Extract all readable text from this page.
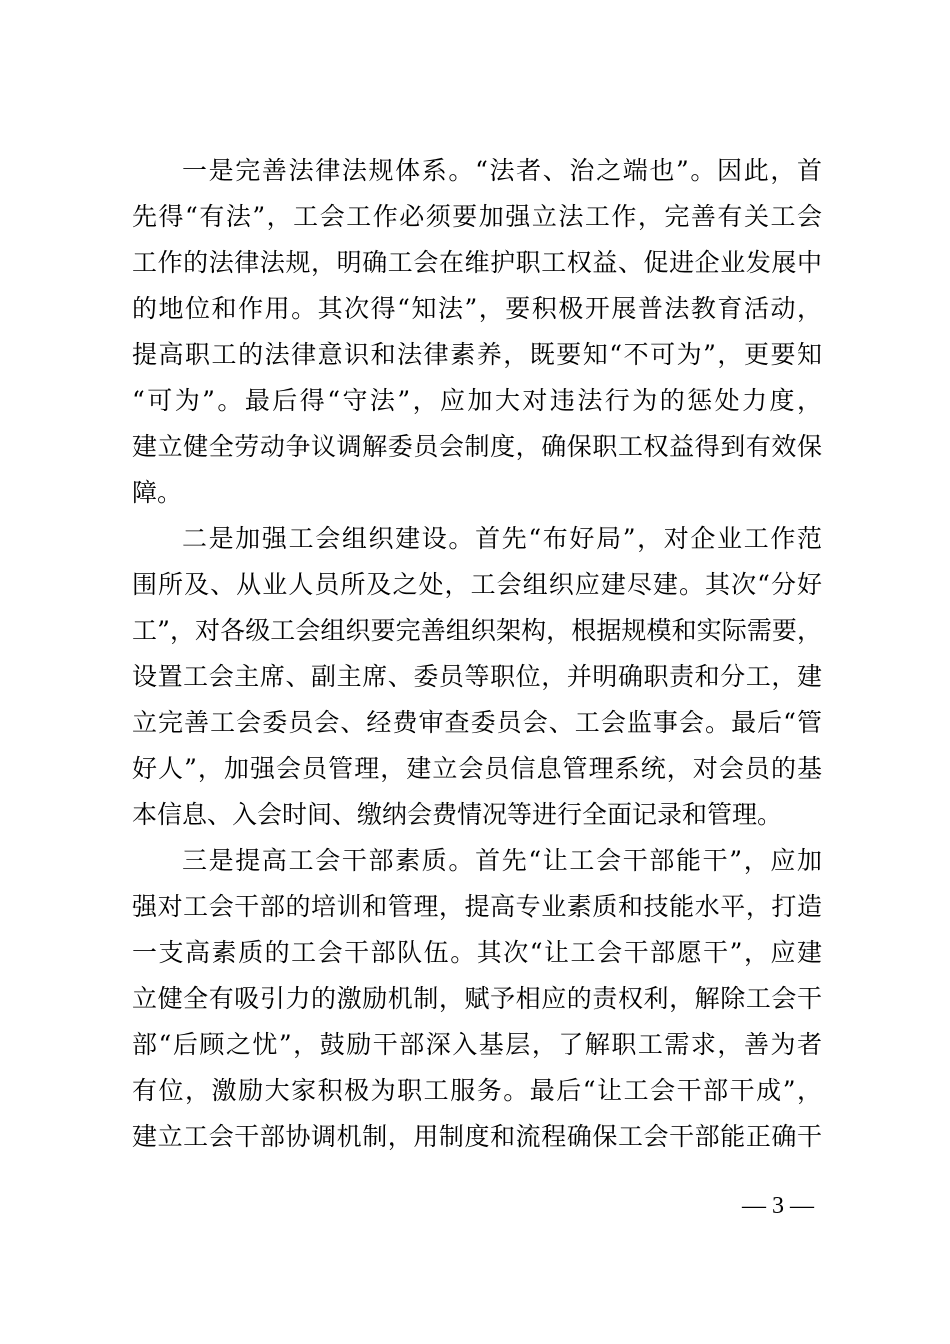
一是完善法律法规体系。“法者、治之端也”。因此，首
先得“有法”，工会工作必须要加强立法工作，完善有关工会
工作的法律法规，明确工会在维护职工权益、促进企业发展中
的地位和作用。其次得“知法”，要积极开展普法教育活动，
提高职工的法律意识和法律素养，既要知“不可为”，更要知
“可为”。最后得“守法”，应加大对违法行为的惩处力度，
建立健全劳动争议调解委员会制度，确保职工权益得到有效保
障。
二是加强工会组织建设。首先“布好局”，对企业工作范
围所及、从业人员所及之处，工会组织应建尽建。其次“分好
工”，对各级工会组织要完善组织架构，根据规模和实际需要，
设置工会主席、副主席、委员等职位，并明确职责和分工，建
立完善工会委员会、经费审查委员会、工会监事会。最后“管
好人”，加强会员管理，建立会员信息管理系统，对会员的基
本信息、入会时间、缴纳会费情况等进行全面记录和管理。
三是提高工会干部素质。首先“让工会干部能干”，应加
强对工会干部的培训和管理，提高专业素质和技能水平，打造
一支高素质的工会干部队伍。其次“让工会干部愿干”，应建
立健全有吸引力的激励机制，赋予相应的责权利，解除工会干
部“后顾之忧”，鼓励干部深入基层，了解职工需求，善为者
有位，激励大家积极为职工服务。最后“让工会干部干成”，
建立工会干部协调机制，用制度和流程确保工会干部能正确干
— 3 —
